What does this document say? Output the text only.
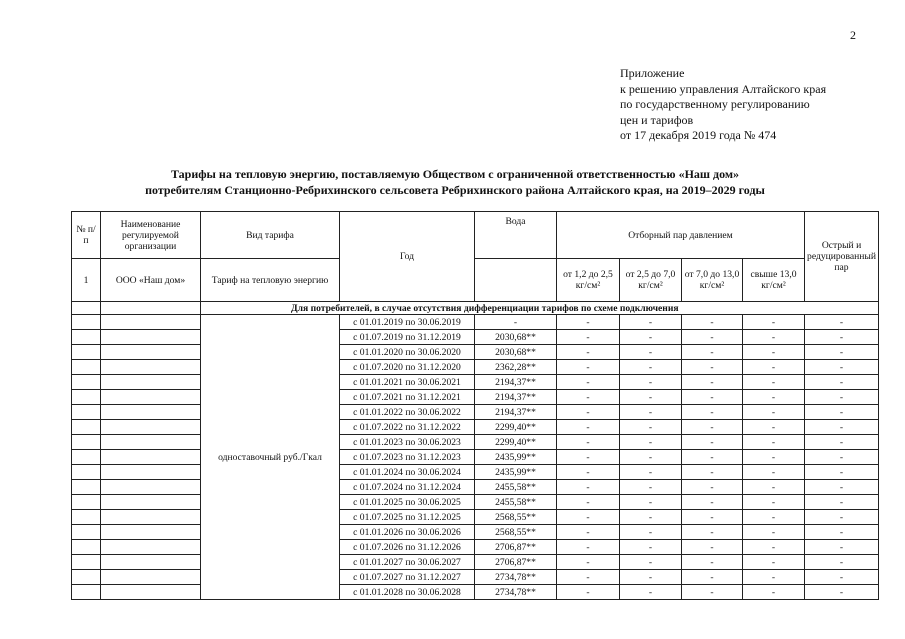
2
Приложение
к решению управления Алтайского края
по государственному регулированию
цен и тарифов
от 17 декабря 2019 года № 474
Тарифы на тепловую энергию, поставляемую Обществом с ограниченной ответственностью «Наш дом»
потребителям Станционно-Ребрихинского сельсовета Ребрихинского района Алтайского края, на 2019–2029 годы
№ п/п	Наименование регулируемой организации	Вид тарифа	Год	Вода	Отборный пар давлением				Острый и редуцированный пар
1	ООО «Наш дом»	Тариф на тепловую энергию			от 1,2 до 2,5 кг/см²	от 2,5 до 7,0 кг/см²	от 7,0 до 13,0 кг/см²	свыше 13,0 кг/см²	
		Для потребителей, в случае отсутствия дифференциации тарифов по схеме подключения							
		одноставочный руб./Гкал	с 01.01.2019 по 30.06.2019	-	-	-	-	-	-
			с 01.07.2019 по 31.12.2019	2030,68**	-	-	-	-	-
			с 01.01.2020 по 30.06.2020	2030,68**	-	-	-	-	-
			с 01.07.2020 по 31.12.2020	2362,28**	-	-	-	-	-
			с 01.01.2021 по 30.06.2021	2194,37**	-	-	-	-	-
			с 01.07.2021 по 31.12.2021	2194,37**	-	-	-	-	-
			с 01.01.2022 по 30.06.2022	2194,37**	-	-	-	-	-
			с 01.07.2022 по 31.12.2022	2299,40**	-	-	-	-	-
			с 01.01.2023 по 30.06.2023	2299,40**	-	-	-	-	-
			с 01.07.2023 по 31.12.2023	2435,99**	-	-	-	-	-
			с 01.01.2024 по 30.06.2024	2435,99**	-	-	-	-	-
			с 01.07.2024 по 31.12.2024	2455,58**	-	-	-	-	-
			с 01.01.2025 по 30.06.2025	2455,58**	-	-	-	-	-
			с 01.07.2025 по 31.12.2025	2568,55**	-	-	-	-	-
			с 01.01.2026 по 30.06.2026	2568,55**	-	-	-	-	-
			с 01.07.2026 по 31.12.2026	2706,87**	-	-	-	-	-
			с 01.01.2027 по 30.06.2027	2706,87**	-	-	-	-	-
			с 01.07.2027 по 31.12.2027	2734,78**	-	-	-	-	-
			с 01.01.2028 по 30.06.2028	2734,78**	-	-	-	-	-
